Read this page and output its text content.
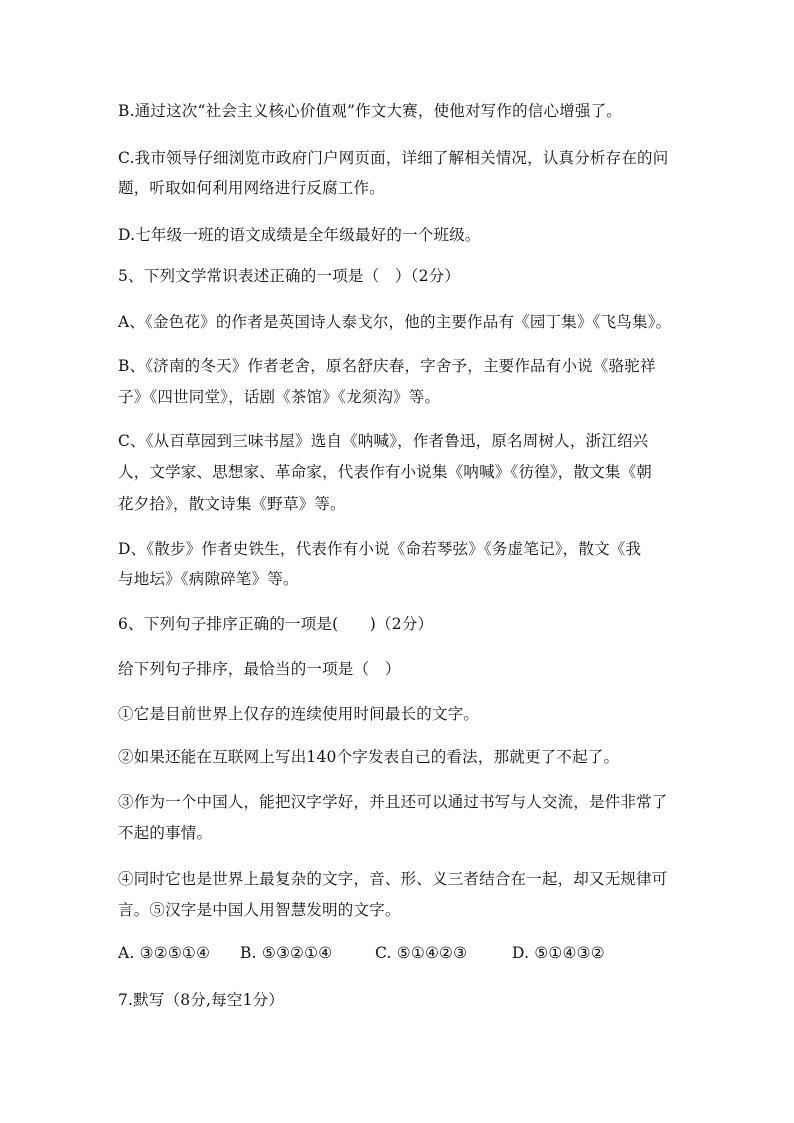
B.通过这次“社会主义核心价值观”作文大赛，使他对写作的信心增强了。
C.我市领导仔细浏览市政府门户网页面，详细了解相关情况，认真分析存在的问
题，听取如何利用网络进行反腐工作。
D.七年级一班的语文成绩是全年级最好的一个班级。
5、下列文学常识表述正确的一项是（　）（2分）
A、《金色花》的作者是英国诗人泰戈尔，他的主要作品有《园丁集》《飞鸟集》。
B、《济南的冬天》作者老舍，原名舒庆春，字舍予，主要作品有小说《骆驼祥
子》《四世同堂》，话剧《茶馆》《龙须沟》等。
C、《从百草园到三味书屋》选自《呐喊》，作者鲁迅，原名周树人，浙江绍兴
人，文学家、思想家、革命家，代表作有小说集《呐喊》《彷徨》，散文集《朝
花夕拾》，散文诗集《野草》等。
D、《散步》作者史铁生，代表作有小说《命若琴弦》《务虚笔记》，散文《我
与地坛》《病隙碎笔》等。
6、下列句子排序正确的一项是(　　)（2分）
给下列句子排序，最恰当的一项是（　）
①它是目前世界上仅存的连续使用时间最长的文字。
②如果还能在互联网上写出140个字发表自己的看法，那就更了不起了。
③作为一个中国人，能把汉字学好，并且还可以通过书写与人交流，是件非常了
不起的事情。
④同时它也是世界上最复杂的文字，音、形、义三者结合在一起，却又无规律可
言。⑤汉字是中国人用智慧发明的文字。
A. ③②⑤①④ B. ⑤③②①④	C. ⑤①④②③	D. ⑤①④③②
7.默写（8分,每空1分）
